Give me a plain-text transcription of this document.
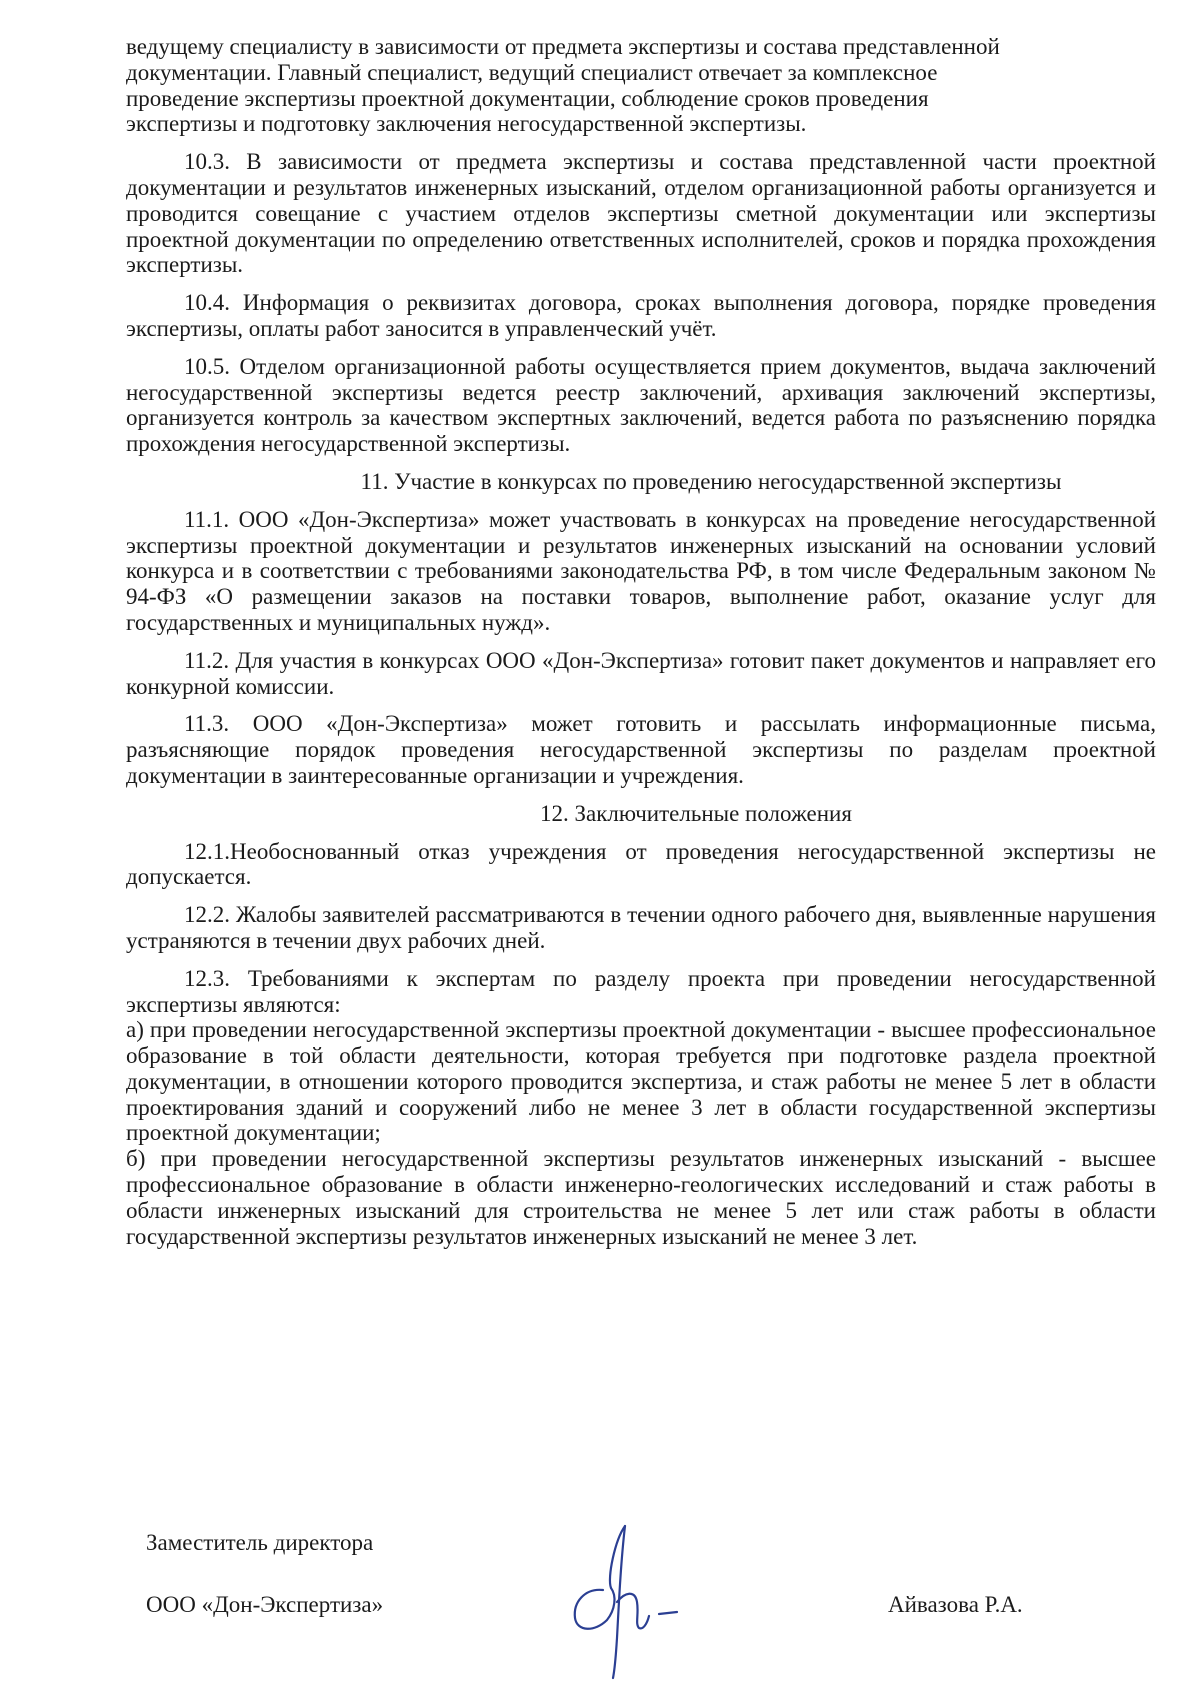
ведущему специалисту в зависимости от предмета экспертизы и состава представленной
документации. Главный специалист, ведущий специалист отвечает за комплексное
проведение экспертизы проектной документации, соблюдение сроков проведения
экспертизы и подготовку заключения негосударственной экспертизы.

10.3. В зависимости от предмета экспертизы и состава представленной части проектной документации и результатов инженерных изысканий, отделом организационной работы организуется и проводится совещание с участием отделов экспертизы сметной документации или экспертизы проектной документации по определению ответственных исполнителей, сроков и порядка прохождения экспертизы.

10.4. Информация о реквизитах договора, сроках выполнения договора, порядке проведения экспертизы, оплаты работ заносится в управленческий учёт.

10.5. Отделом организационной работы осуществляется прием документов, выдача заключений негосударственной экспертизы ведется реестр заключений, архивация заключений экспертизы, организуется контроль за качеством экспертных заключений, ведется работа по разъяснению порядка прохождения негосударственной экспертизы.

11. Участие в конкурсах по проведению негосударственной экспертизы

11.1. ООО «Дон-Экспертиза» может участвовать в конкурсах на проведение негосударственной экспертизы проектной документации и результатов инженерных изысканий на основании условий конкурса и в соответствии с требованиями законодательства РФ, в том числе Федеральным законом № 94-ФЗ «О размещении заказов на поставки товаров, выполнение работ, оказание услуг для государственных и муниципальных нужд».

11.2. Для участия в конкурсах ООО «Дон-Экспертиза» готовит пакет документов и направляет его конкурной комиссии.

11.3. ООО «Дон-Экспертиза» может готовить и рассылать информационные письма, разъясняющие порядок проведения негосударственной экспертизы по разделам проектной документации в заинтересованные организации и учреждения.

12. Заключительные положения

12.1.Необоснованный отказ учреждения от проведения негосударственной экспертизы не допускается.

12.2. Жалобы заявителей рассматриваются в течении одного рабочего дня, выявленные нарушения устраняются в течении двух рабочих дней.

12.3. Требованиями к экспертам по разделу проекта при проведении негосударственной экспертизы являются:

а) при проведении негосударственной экспертизы проектной документации - высшее профессиональное образование в той области деятельности, которая требуется при подготовке раздела проектной документации, в отношении которого проводится экспертиза, и стаж работы не менее 5 лет в области проектирования зданий и сооружений либо не менее 3 лет в области государственной экспертизы проектной документации;

б) при проведении негосударственной экспертизы результатов инженерных изысканий - высшее профессиональное образование в области инженерно-геологических исследований и стаж работы в области инженерных изысканий для строительства не менее 5 лет или стаж работы в области государственной экспертизы результатов инженерных изысканий не менее 3 лет.

Заместитель директора
ООО «Дон-Экспертиза»	Айвазова Р.А.
